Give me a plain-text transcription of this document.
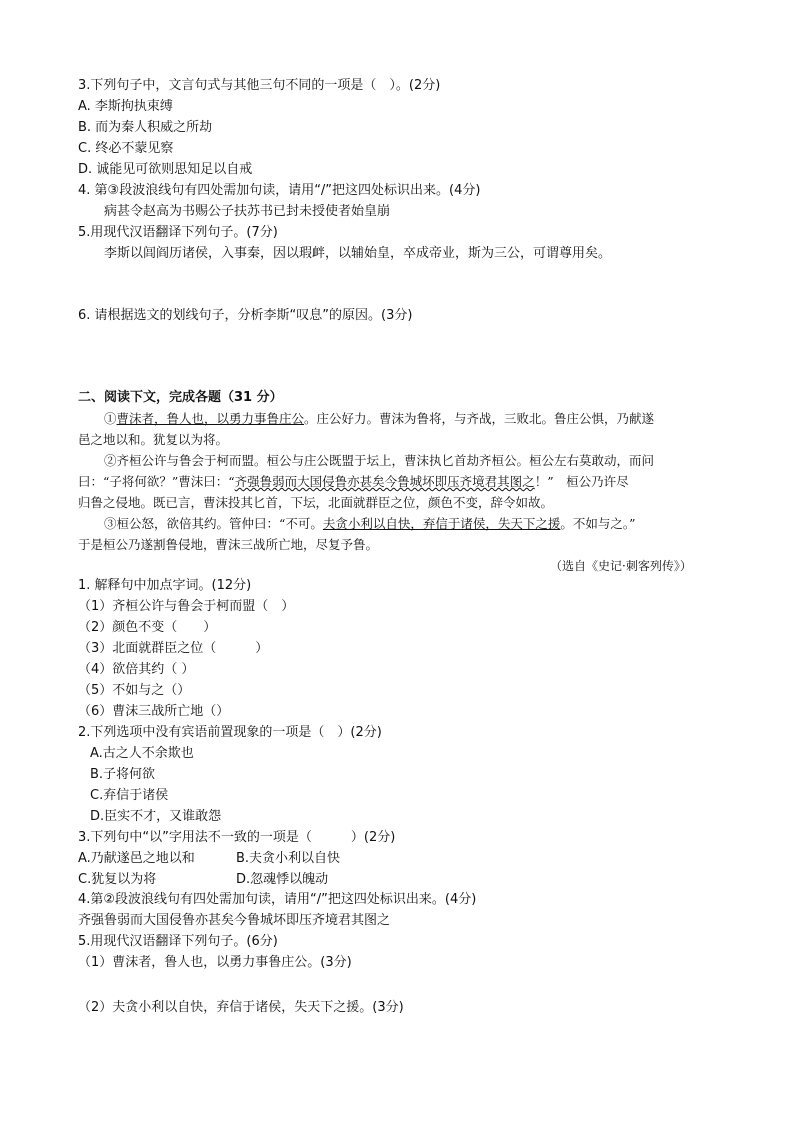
3.下列句子中，文言句式与其他三句不同的一项是（　）。(2分)
A. 李斯拘执束缚
B. 而为秦人积威之所劫
C. 终必不蒙见察
D. 诚能见可欲则思知足以自戒
4. 第③段波浪线句有四处需加句读，请用“/”把这四处标识出来。(4分)
病甚令赵高为书赐公子扶苏书已封未授使者始皇崩
5.用现代汉语翻译下列句子。(7分)
李斯以闾阎历诸侯，入事秦，因以瑕衅，以辅始皇，卒成帝业，斯为三公，可谓尊用矣。
6. 请根据选文的划线句子，分析李斯“叹息”的原因。(3分)
二、阅读下文，完成各题（31 分）
①曹沫者，鲁人也，以勇力事鲁庄公。庄公好力。曹沫为鲁将，与齐战，三败北。鲁庄公惧，乃献遂
邑之地以和。犹复以为将。
②齐桓公许与鲁会于柯而盟。桓公与庄公既盟于坛上，曹沫执匕首劫齐桓公。桓公左右莫敢动，而问
曰：“子将何欲？”曹沫曰：“齐强鲁弱而大国侵鲁亦甚矣今鲁城坏即压齐境君其图之！”　桓公乃许尽
归鲁之侵地。既已言，曹沫投其匕首，下坛，北面就群臣之位，颜色不变，辞令如故。
③桓公怒，欲倍其约。管仲曰：“不可。夫贪小利以自快，弃信于诸侯，失天下之援。不如与之。”
于是桓公乃遂割鲁侵地，曹沫三战所亡地，尽复予鲁。
（选自《史记·刺客列传》）
1. 解释句中加点字词。(12分)
（1）齐桓公许与鲁会于柯而盟（　）
（2）颜色不变（　　）
（3）北面就群臣之位（　　　）
（4）欲倍其约（ ）
（5）不如与之（）
（6）曹沫三战所亡地（）
2.下列选项中没有宾语前置现象的一项是（　）(2分)
A.古之人不余欺也
B.子将何欲
C.弃信于诸侯
D.臣实不才，又谁敢怨
3.下列句中“以”字用法不一致的一项是（　　　）(2分)
A.乃献遂邑之地以和	B.夫贪小利以自快
C.犹复以为将	D.忽魂悸以魄动
4.第②段波浪线句有四处需加句读，请用“/”把这四处标识出来。(4分)
齐强鲁弱而大国侵鲁亦甚矣今鲁城坏即压齐境君其图之
5.用现代汉语翻译下列句子。(6分)
（1）曹沫者，鲁人也，以勇力事鲁庄公。(3分)
（2）夫贪小利以自快，弃信于诸侯，失天下之援。(3分)
